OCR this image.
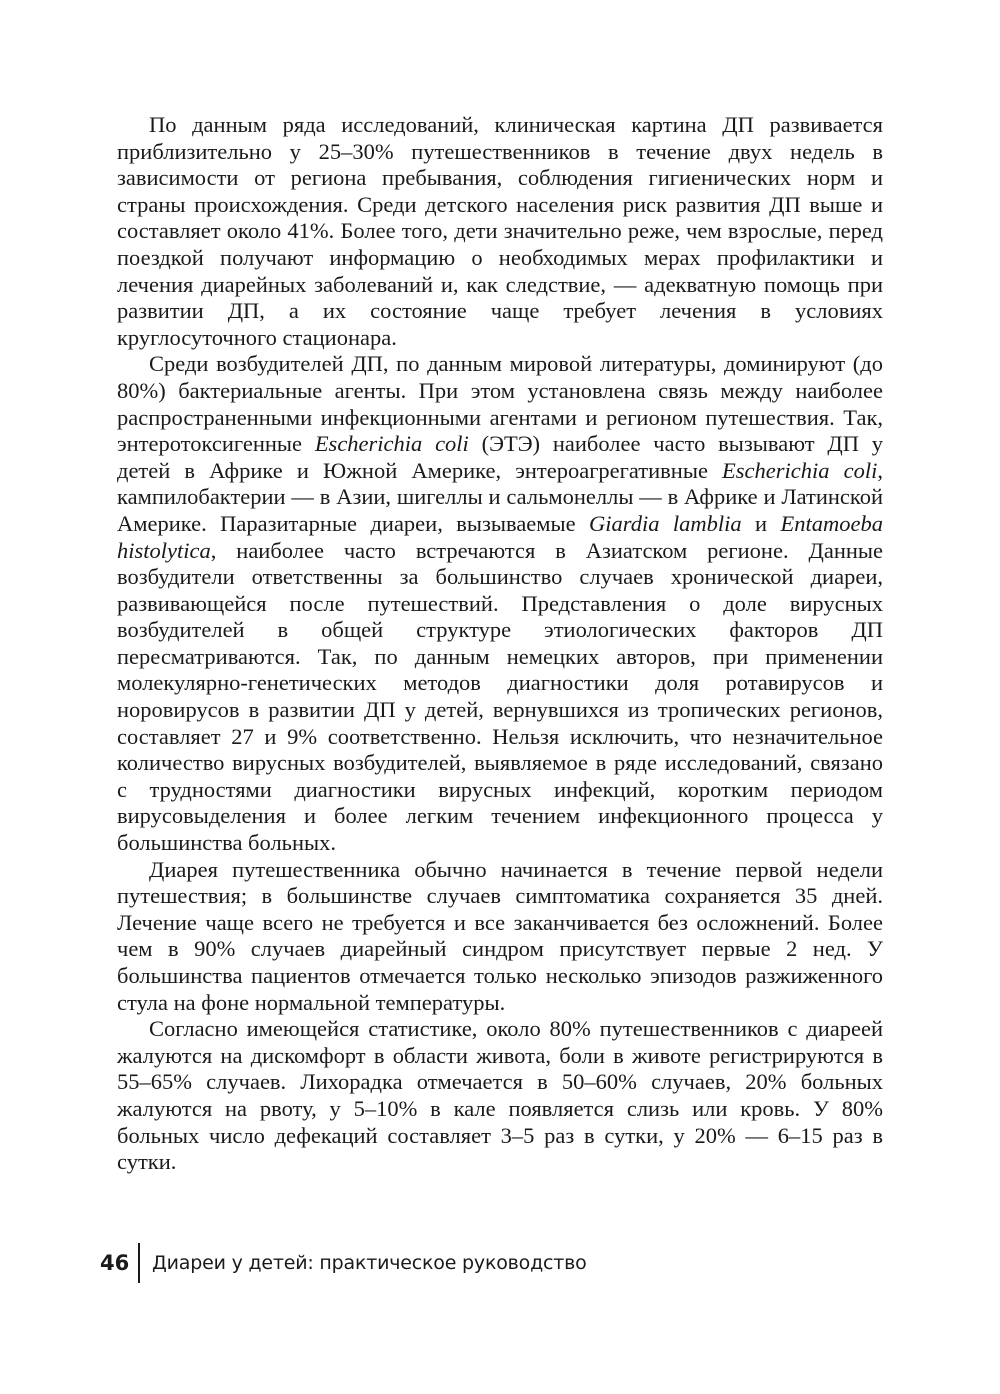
По данным ряда исследований, клиническая картина ДП развивается приблизительно у 25–30% путешественников в течение двух недель в зависимости от региона пребывания, соблюдения гигиенических норм и страны происхождения. Среди детского населения риск развития ДП выше и составляет около 41%. Более того, дети значительно реже, чем взрослые, перед поездкой получают информацию о необходимых мерах профилактики и лечения диарейных заболеваний и, как следствие, — адекватную помощь при развитии ДП, а их состояние чаще требует лечения в условиях круглосуточного стационара.

Среди возбудителей ДП, по данным мировой литературы, доминируют (до 80%) бактериальные агенты. При этом установлена связь между наиболее распространенными инфекционными агентами и регионом путешествия. Так, энтеротоксигенные Escherichia coli (ЭТЭ) наиболее часто вызывают ДП у детей в Африке и Южной Америке, энтероагрегативные Escherichia coli, кампилобактерии — в Азии, шигеллы и сальмонеллы — в Африке и Латинской Америке. Паразитарные диареи, вызываемые Giardia lamblia и Entamoeba histolytica, наиболее часто встречаются в Азиатском регионе. Данные возбудители ответственны за большинство случаев хронической диареи, развивающейся после путешествий. Представления о доле вирусных возбудителей в общей структуре этиологических факторов ДП пересматриваются. Так, по данным немецких авторов, при применении молекулярно-генетических методов диагностики доля ротавирусов и норовирусов в развитии ДП у детей, вернувшихся из тропических регионов, составляет 27 и 9% соответственно. Нельзя исключить, что незначительное количество вирусных возбудителей, выявляемое в ряде исследований, связано с трудностями диагностики вирусных инфекций, коротким периодом вирусовыделения и более легким течением инфекционного процесса у большинства больных.

Диарея путешественника обычно начинается в течение первой недели путешествия; в большинстве случаев симптоматика сохраняется 35 дней. Лечение чаще всего не требуется и все заканчивается без осложнений. Более чем в 90% случаев диарейный синдром присутствует первые 2 нед. У большинства пациентов отмечается только несколько эпизодов разжиженного стула на фоне нормальной температуры.

Согласно имеющейся статистике, около 80% путешественников с диареей жалуются на дискомфорт в области живота, боли в животе регистрируются в 55–65% случаев. Лихорадка отмечается в 50–60% случаев, 20% больных жалуются на рвоту, у 5–10% в кале появляется слизь или кровь. У 80% больных число дефекаций составляет 3–5 раз в сутки, у 20% — 6–15 раз в сутки.

46 Диареи у детей: практическое руководство
